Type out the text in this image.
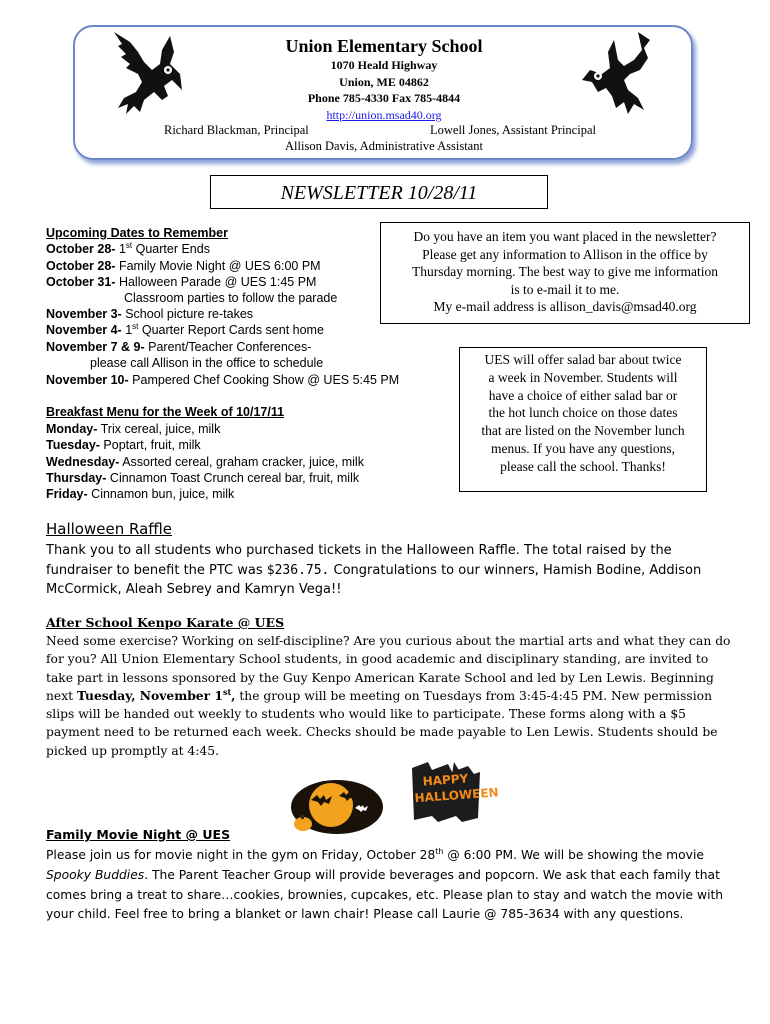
Union Elementary School
1070 Heald Highway
Union, ME 04862
Phone 785-4330 Fax 785-4844
http://union.msad40.org
Richard Blackman, Principal	Lowell Jones, Assistant Principal
Allison Davis, Administrative Assistant
NEWSLETTER 10/28/11
Upcoming Dates to Remember
October 28- 1st Quarter Ends
October 28- Family Movie Night @ UES 6:00 PM
October 31- Halloween Parade @ UES 1:45 PM
Classroom parties to follow the parade
November 3- School picture re-takes
November 4- 1st Quarter Report Cards sent home
November 7 & 9- Parent/Teacher Conferences-
please call Allison in the office to schedule
November 10- Pampered Chef Cooking Show @ UES 5:45 PM
Breakfast Menu for the Week of 10/17/11
Monday- Trix cereal, juice, milk
Tuesday- Poptart, fruit, milk
Wednesday- Assorted cereal, graham cracker, juice, milk
Thursday- Cinnamon Toast Crunch cereal bar, fruit, milk
Friday- Cinnamon bun, juice, milk
Do you have an item you want placed in the newsletter?
Please get any information to Allison in the office by
Thursday morning. The best way to give me information
is to e-mail it to me.
My e-mail address is allison_davis@msad40.org
UES will offer salad bar about twice
a week in November. Students will
have a choice of either salad bar or
the hot lunch choice on those dates
that are listed on the November lunch
menus. If you have any questions,
please call the school. Thanks!
Halloween Raffle
Thank you to all students who purchased tickets in the Halloween Raffle. The total raised by the fundraiser to benefit the PTC was $236.75. Congratulations to our winners, Hamish Bodine, Addison McCormick, Aleah Sebrey and Kamryn Vega!!
After School Kenpo Karate @ UES
Need some exercise? Working on self-discipline? Are you curious about the martial arts and what they can do for you? All Union Elementary School students, in good academic and disciplinary standing, are invited to take part in lessons sponsored by the Guy Kenpo American Karate School and led by Len Lewis. Beginning next Tuesday, November 1st, the group will be meeting on Tuesdays from 3:45-4:45 PM. New permission slips will be handed out weekly to students who would like to participate. These forms along with a $5 payment need to be returned each week. Checks should be made payable to Len Lewis. Students should be picked up promptly at 4:45.
HAPPY HALLOWEEN
Family Movie Night @ UES
Please join us for movie night in the gym on Friday, October 28th @ 6:00 PM. We will be showing the movie Spooky Buddies. The Parent Teacher Group will provide beverages and popcorn. We ask that each family that comes bring a treat to share…cookies, brownies, cupcakes, etc. Please plan to stay and watch the movie with your child. Feel free to bring a blanket or lawn chair! Please call Laurie @ 785-3634 with any questions.
